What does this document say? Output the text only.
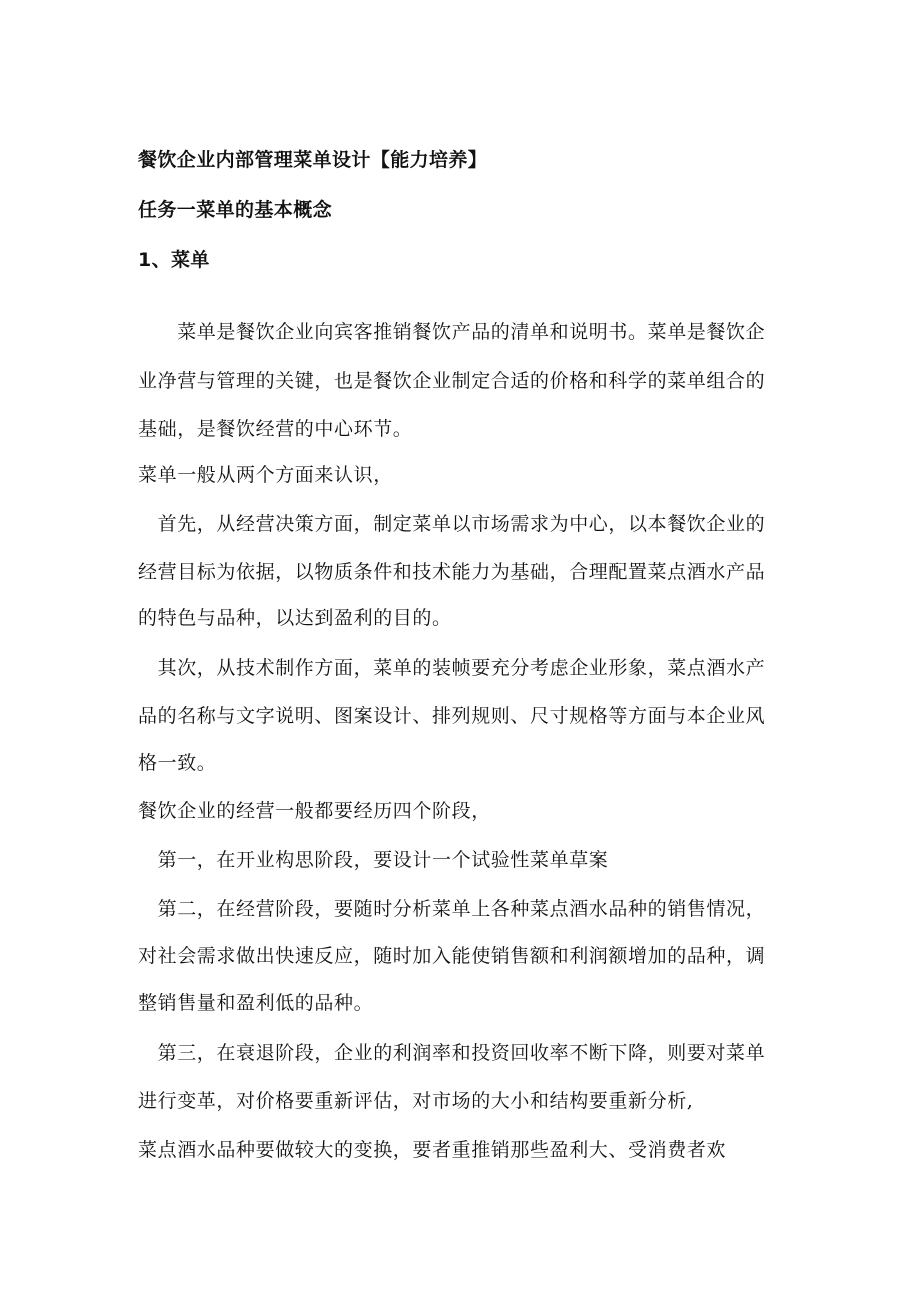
餐饮企业内部管理菜单设计【能力培养】
任务一菜单的基本概念
1、菜单
　　菜单是餐饮企业向宾客推销餐饮产品的清单和说明书。菜单是餐饮企
业净营与管理的关键，也是餐饮企业制定合适的价格和科学的菜单组合的
基础，是餐饮经营的中心环节。
菜单一般从两个方面来认识，
　首先，从经营决策方面，制定菜单以市场需求为中心，以本餐饮企业的
经营目标为依据，以物质条件和技术能力为基础，合理配置菜点酒水产品
的特色与品种，以达到盈利的目的。
　其次，从技术制作方面，菜单的装帧要充分考虑企业形象，菜点酒水产
品的名称与文字说明、图案设计、排列规则、尺寸规格等方面与本企业风
格一致。
餐饮企业的经营一般都要经历四个阶段，
　第一，在开业构思阶段，要设计一个试验性菜单草案
　第二，在经营阶段，要随时分析菜单上各种菜点酒水品种的销售情况，
对社会需求做出快速反应，随时加入能使销售额和利润额增加的品种，调
整销售量和盈利低的品种。
　第三，在衰退阶段，企业的利润率和投资回收率不断下降，则要对菜单
进行变革，对价格要重新评估，对市场的大小和结构要重新分析,
菜点酒水品种要做较大的变换，要者重推销那些盈利大、受消费者欢
